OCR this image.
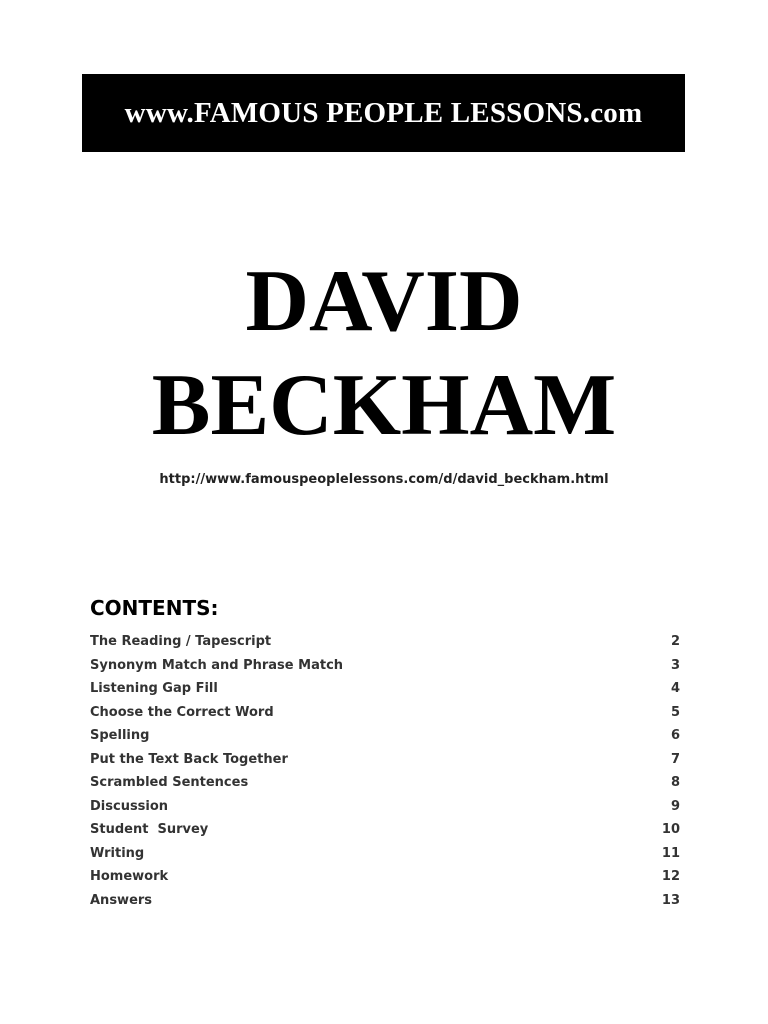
www.FAMOUS PEOPLE LESSONS.com
DAVID
BECKHAM
http://www.famouspeoplelessons.com/d/david_beckham.html
CONTENTS:
The Reading / Tapescript	2
Synonym Match and Phrase Match	3
Listening Gap Fill	4
Choose the Correct Word	5
Spelling	6
Put the Text Back Together	7
Scrambled Sentences	8
Discussion	9
Student  Survey	10
Writing	11
Homework	12
Answers	13
